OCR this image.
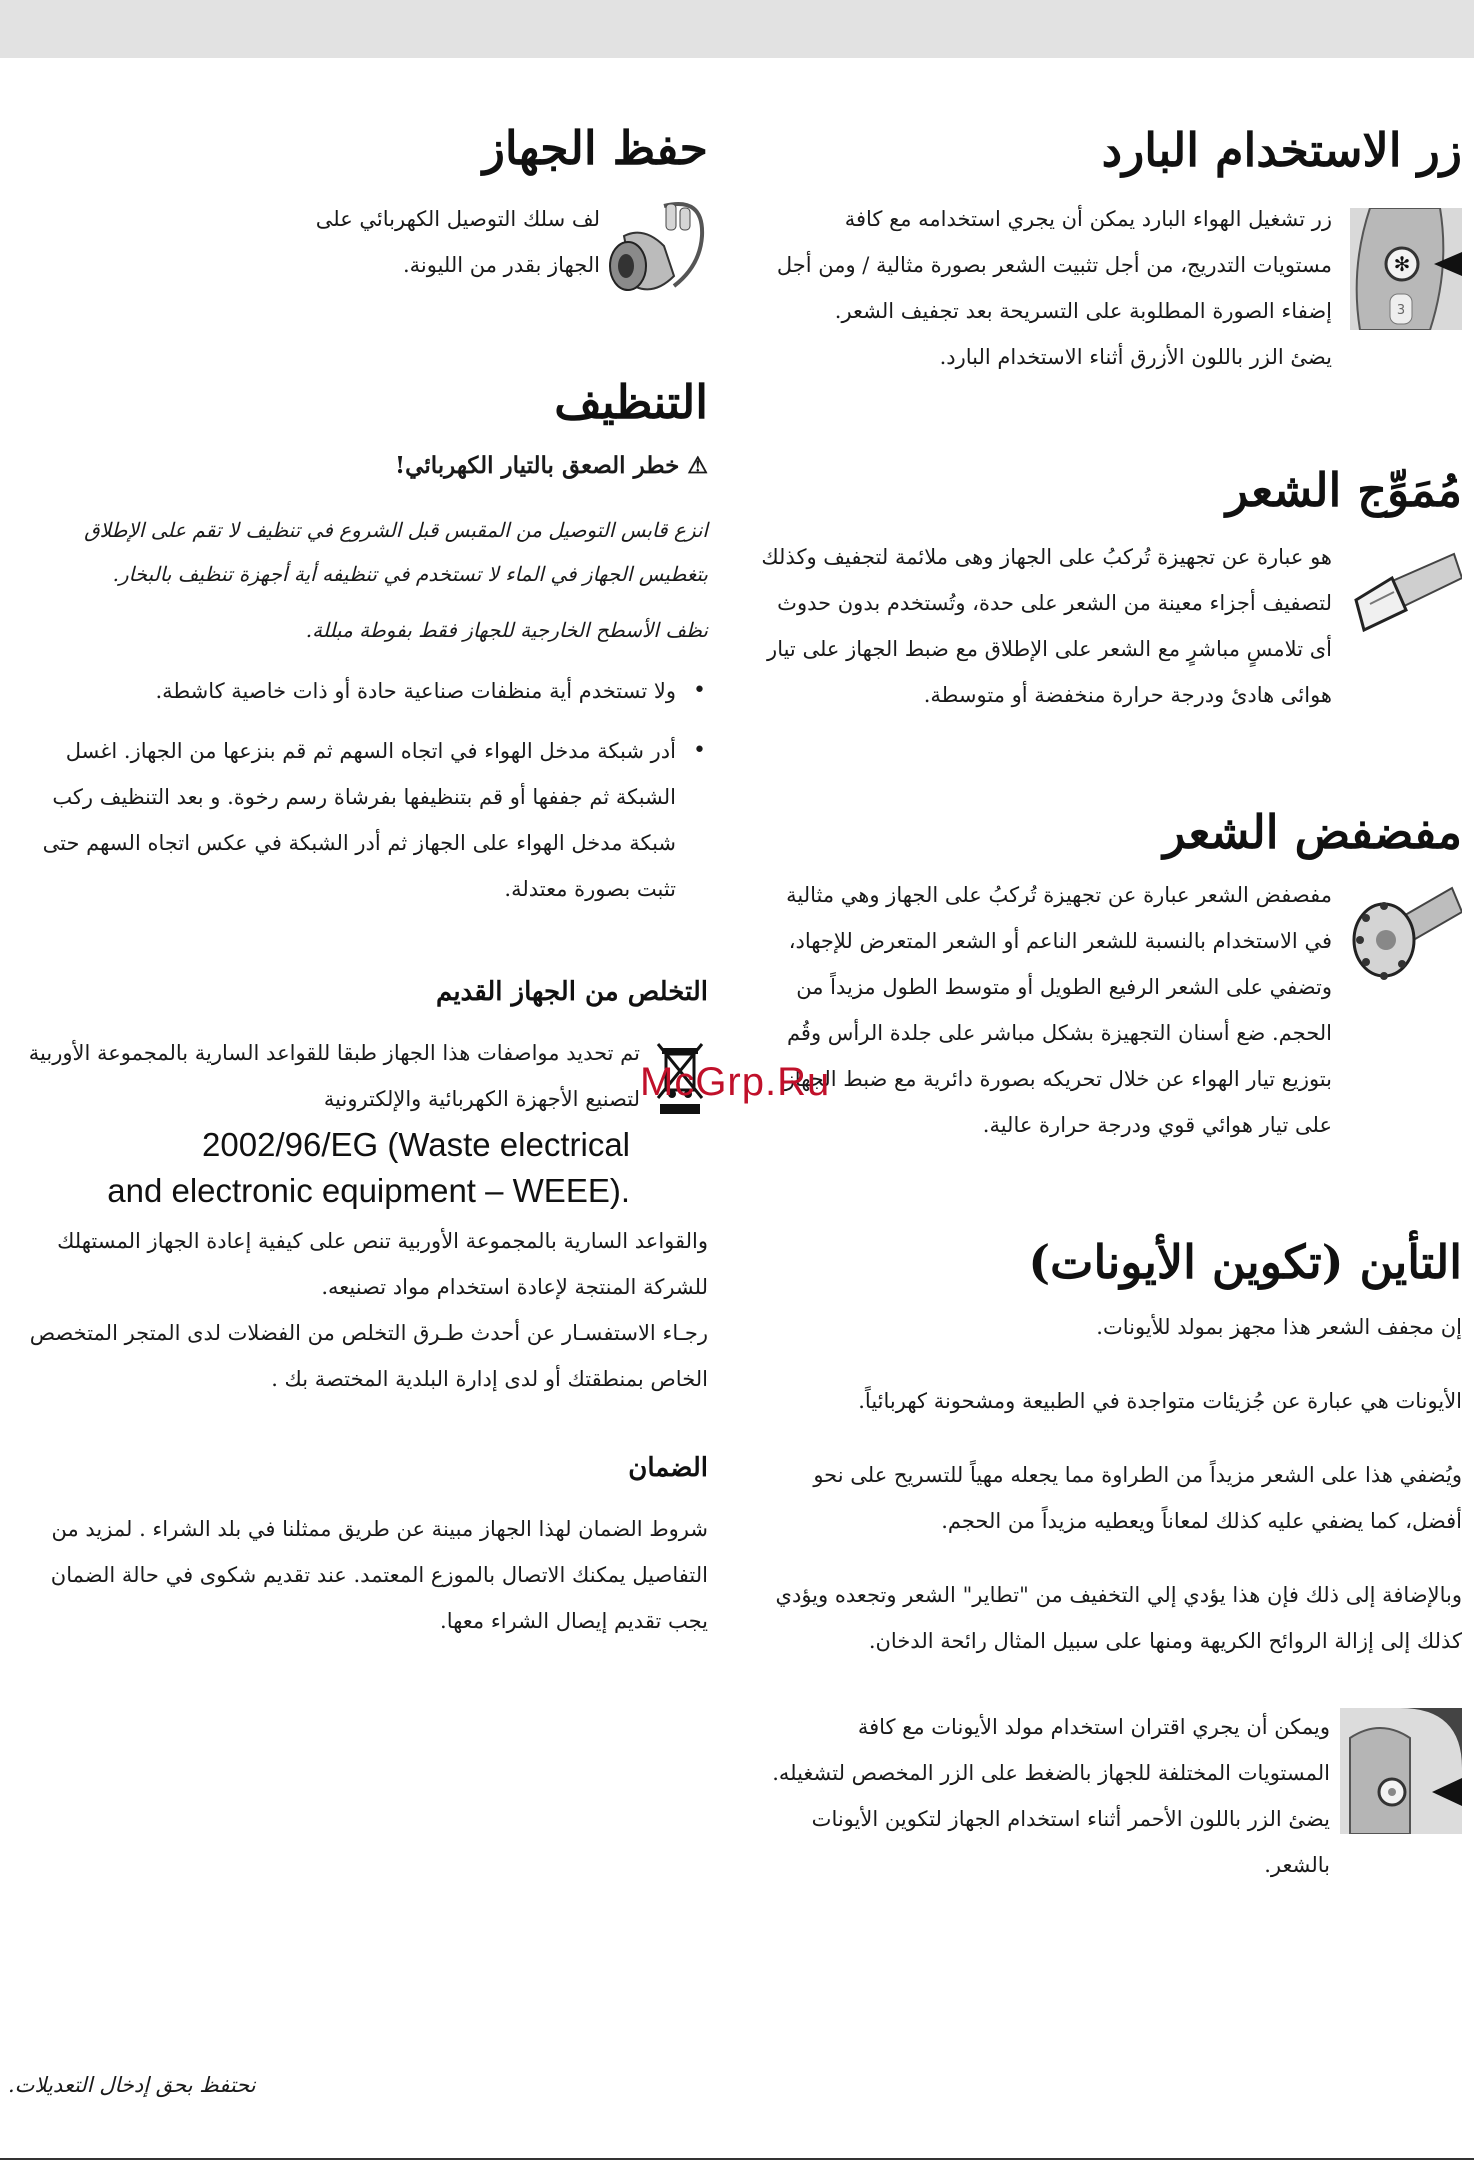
زر الاستخدام البارد
✻
3

زر تشغيل الهواء البارد يمكن أن يجري استخدامه مع كافة مستويات التدريج، من أجل تثبيت الشعر بصورة مثالية / ومن أجل إضفاء الصورة المطلوبة على التسريحة بعد تجفيف الشعر.

يضئ الزر باللون الأزرق أثناء الاستخدام البارد.

مُمَوِّج الشعر

هو عبارة عن تجهيزة تُركبُ على الجهاز وهى ملائمة لتجفيف وكذلك لتصفيف أجزاء معينة من الشعر على حدة، وتُستخدم بدون حدوث أى تلامسٍ مباشرٍ مع الشعر على الإطلاق مع ضبط الجهاز على تيار هوائى هادئ ودرجة حرارة منخفضة أو متوسطة.

مفضفض الشعر

مفصفض الشعر عبارة عن تجهيزة تُركبُ على الجهاز وهي مثالية في الاستخدام بالنسبة للشعر الناعم أو الشعر المتعرض للإجهاد، وتضفي على الشعر الرفيع الطويل أو متوسط الطول مزيداً من الحجم. ضع أسنان التجهيزة بشكل مباشر على جلدة الرأس وقُم بتوزيع تيار الهواء عن خلال تحريكه بصورة دائرية مع ضبط الجهاز على تيار هوائي قوي ودرجة حرارة عالية.

التأين (تكوين الأيونات)

إن مجفف الشعر هذا مجهز بمولد للأيونات.

الأيونات هي عبارة عن جُزيئات متواجدة في الطبيعة ومشحونة كهربائياً.

ويُضفي هذا على الشعر مزيداً من الطراوة مما يجعله مهياً للتسريح على نحو أفضل، كما يضفي عليه كذلك لمعاناً ويعطيه مزيداً من الحجم.

وبالإضافة إلى ذلك فإن هذا يؤدي إلي التخفيف من "تطاير" الشعر وتجعده ويؤدي كذلك إلى إزالة الروائح الكريهة ومنها على سبيل المثال رائحة الدخان.

ويمكن أن يجري اقتران استخدام مولد الأيونات مع كافة المستويات المختلفة للجهاز بالضغط على الزر المخصص لتشغيله.

يضئ الزر باللون الأحمر أثناء استخدام الجهاز لتكوين الأيونات بالشعر.

حفظ الجهاز

لف سلك التوصيل الكهربائي على الجهاز بقدر من الليونة.

التنظيف
⚠ خطر الصعق بالتيار الكهربائي!

انزع قابس التوصيل من المقبس قبل الشروع في تنظيف لا تقم على الإطلاق بتغطيس الجهاز في الماء لا تستخدم في تنظيفه أية أجهزة تنظيف بالبخار.

نظف الأسطح الخارجية للجهاز فقط بفوطة مبللة.

•
ولا تستخدم أية منظفات صناعية حادة أو ذات خاصية كاشطة.
•
أدر شبكة مدخل الهواء في اتجاه السهم ثم قم بنزعها من الجهاز. اغسل الشبكة ثم جففها أو قم بتنظيفها بفرشاة رسم رخوة. و بعد التنظيف ركب شبكة مدخل الهواء على الجهاز ثم أدر الشبكة في عكس اتجاه السهم حتى تثبت بصورة معتدلة.
التخلص من الجهاز القديم

تم تحديد مواصفات هذا الجهاز طبقا للقواعد السارية بالمجموعة الأوربية لتصنيع الأجهزة الكهربائية والإلكترونية

2002/96/EG (Waste electrical
and electronic equipment – WEEE).

والقواعد السارية بالمجموعة الأوربية تنص على كيفية إعادة الجهاز المستهلك للشركة المنتجة لإعادة استخدام مواد تصنيعه.

رجـاء الاستفسـار عن أحدث طـرق التخلص من الفضلات لدى المتجر المتخصص الخاص بمنطقتك أو لدى إدارة البلدية المختصة بك .

الضمان

شروط الضمان لهذا الجهاز مبينة عن طريق ممثلنا في بلد الشراء . لمزيد من التفاصيل يمكنك الاتصال بالموزع المعتمد. عند تقديم شكوى في حالة الضمان يجب تقديم إيصال الشراء معها.

McGrp.Ru
نحتفظ بحق إدخال التعديلات.
